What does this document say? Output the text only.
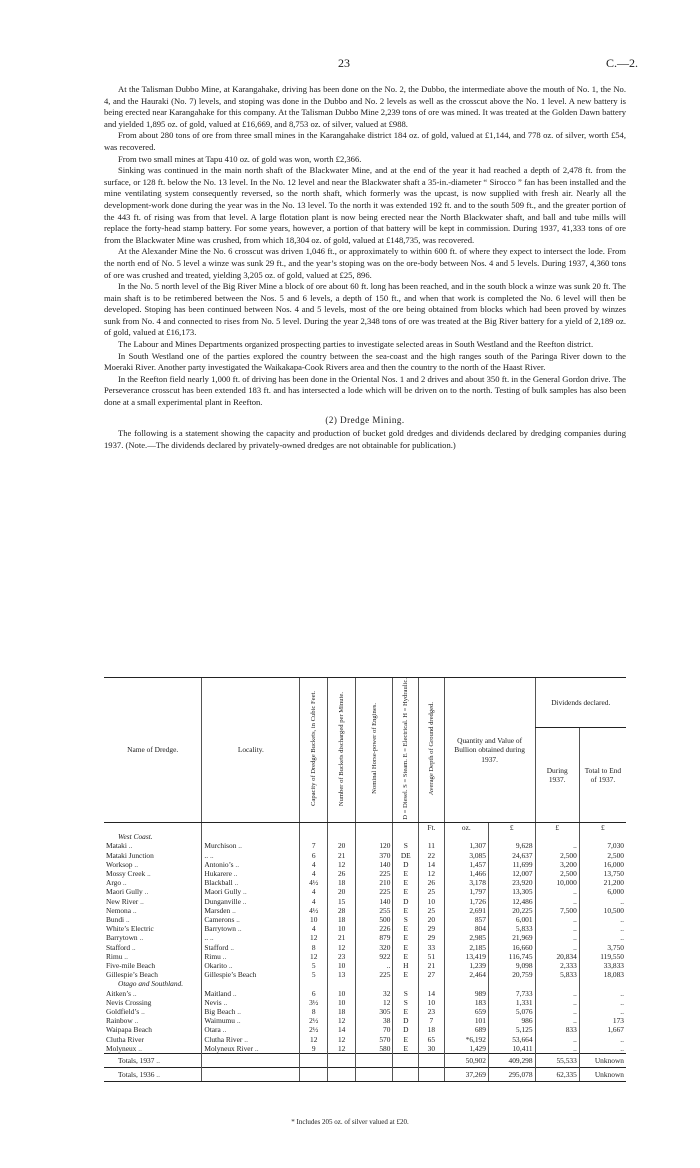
23	C.—2.

At the Talisman Dubbo Mine, at Karangahake, driving has been done on the No. 2, the Dubbo, the intermediate above the mouth of No. 1, the No. 4, and the Hauraki (No. 7) levels, and stoping was done in the Dubbo and No. 2 levels as well as the crosscut above the No. 1 level. A new battery is being erected near Karangahake for this company. At the Talisman Dubbo Mine 2,239 tons of ore was mined. It was treated at the Golden Dawn battery and yielded 1,895 oz. of gold, valued at £16,669, and 8,753 oz. of silver, valued at £988.

From about 280 tons of ore from three small mines in the Karangahake district 184 oz. of gold, valued at £1,144, and 778 oz. of silver, worth £54, was recovered.

From two small mines at Tapu 410 oz. of gold was won, worth £2,366.

Sinking was continued in the main north shaft of the Blackwater Mine, and at the end of the year it had reached a depth of 2,478 ft. from the surface, or 128 ft. below the No. 13 level. In the No. 12 level and near the Blackwater shaft a 35-in.-diameter “ Sirocco ” fan has been installed and the mine ventilating system consequently reversed, so the north shaft, which formerly was the upcast, is now supplied with fresh air. Nearly all the development-work done during the year was in the No. 13 level. To the north it was extended 192 ft. and to the south 509 ft., and the greater portion of the 443 ft. of rising was from that level. A large flotation plant is now being erected near the North Blackwater shaft, and ball and tube mills will replace the forty-head stamp battery. For some years, however, a portion of that battery will be kept in commission. During 1937, 41,333 tons of ore from the Blackwater Mine was crushed, from which 18,304 oz. of gold, valued at £148,735, was recovered.

At the Alexander Mine the No. 6 crosscut was driven 1,046 ft., or approximately to within 600 ft. of where they expect to intersect the lode. From the north end of No. 5 level a winze was sunk 29 ft., and the year’s stoping was on the ore-body between Nos. 4 and 5 levels. During 1937, 4,360 tons of ore was crushed and treated, yielding 3,205 oz. of gold, valued at £25, 896.

In the No. 5 north level of the Big River Mine a block of ore about 60 ft. long has been reached, and in the south block a winze was sunk 20 ft. The main shaft is to be retimbered between the Nos. 5 and 6 levels, a depth of 150 ft., and when that work is completed the No. 6 level will then be developed. Stoping has been continued between Nos. 4 and 5 levels, most of the ore being obtained from blocks which had been proved by winzes sunk from No. 4 and connected to rises from No. 5 level. During the year 2,348 tons of ore was treated at the Big River battery for a yield of 2,189 oz. of gold, valued at £16,173.

The Labour and Mines Departments organized prospecting parties to investigate selected areas in South Westland and the Reefton district.

In South Westland one of the parties explored the country between the sea-coast and the high ranges south of the Paringa River down to the Moeraki River. Another party investigated the Waikakapa-Cook Rivers area and then the country to the north of the Haast River.

In the Reefton field nearly 1,000 ft. of driving has been done in the Oriental Nos. 1 and 2 drives and about 350 ft. in the General Gordon drive. The Perseverance crosscut has been extended 183 ft. and has intersected a lode which will be driven on to the north. Testing of bulk samples has also been done at a small experimental plant in Reefton.

(2) Dredge Mining.

The following is a statement showing the capacity and production of bucket gold dredges and dividends declared by dredging companies during 1937. (Note.—The dividends declared by privately-owned dredges are not obtainable for publication.)

Name of Dredge.	Locality.	Capacity of Dredge Buckets, in Cubic Feet.	Number of Buckets discharged per Minute.	Nominal Horse-power of Engines.	D = Diesel. S = Steam. E = Electrical. H = Hydraulic.	Average Depth of Ground dredged.	Quantity and Value of Bullion obtained during 1937.		Dividends declared.	
									During 1937.	Total to End of 1937.
						Ft.	oz.	£	£	£
West Coast.										
Mataki ..	Murchison ..	7	20	120	S	11	1,307	9,628	..	7,030
Mataki Junction	.. ..	6	21	370	DE	22	3,085	24,637	2,500	2,500
Worksop ..	Antonio’s ..	4	12	140	D	14	1,457	11,699	3,200	16,000
Mossy Creek ..	Hukarere ..	4	26	225	E	12	1,466	12,007	2,500	13,750
Argo ..	Blackball ..	4½	18	210	E	26	3,178	23,920	10,000	21,200
Maori Gully ..	Maori Gully ..	4	20	225	E	25	1,797	13,305	..	6,000
New River ..	Dunganville ..	4	15	140	D	10	1,726	12,486	..	..
Nemona ..	Marsden ..	4½	28	255	E	25	2,691	20,225	7,500	10,500
Bundi ..	Camerons ..	10	18	500	S	20	857	6,001	..	..
White’s Electric	Barrytown ..	4	10	226	E	29	804	5,833	..	..
Barrytown ..	.. ..	12	21	879	E	29	2,985	21,969	..	..
Stafford ..	Stafford ..	8	12	320	E	33	2,185	16,660	..	3,750
Rimu ..	Rimu ..	12	23	922	E	51	13,419	116,745	20,834	119,550
Five-mile Beach	Okarito ..	5	10	..	H	21	1,239	9,098	2,333	33,833
Gillespie’s Beach	Gillespie’s Beach	5	13	225	E	27	2,464	20,759	5,833	18,083
Otago and Southland.										
Aitken’s ..	Maitland ..	6	10	32	S	14	989	7,733	..	..
Nevis Crossing	Nevis ..	3½	10	12	S	10	183	1,331	..	..
Goldfield’s ..	Big Beach ..	8	18	305	E	23	659	5,076	..	..
Rainbow ..	Waimumu ..	2½	12	38	D	7	101	986	..	173
Waipapa Beach	Otara ..	2½	14	70	D	18	689	5,125	833	1,667
Clutha River	Clutha River ..	12	12	570	E	65	*6,192	53,664	..	..
Molyneux ..	Molyneux River ..	9	12	580	E	30	1,429	10,411	..	..
Totals, 1937 ..							50,902	409,298	55,533	Unknown
Totals, 1936 ..							37,269	295,078	62,335	Unknown
* Includes 205 oz. of silver valued at £20.
